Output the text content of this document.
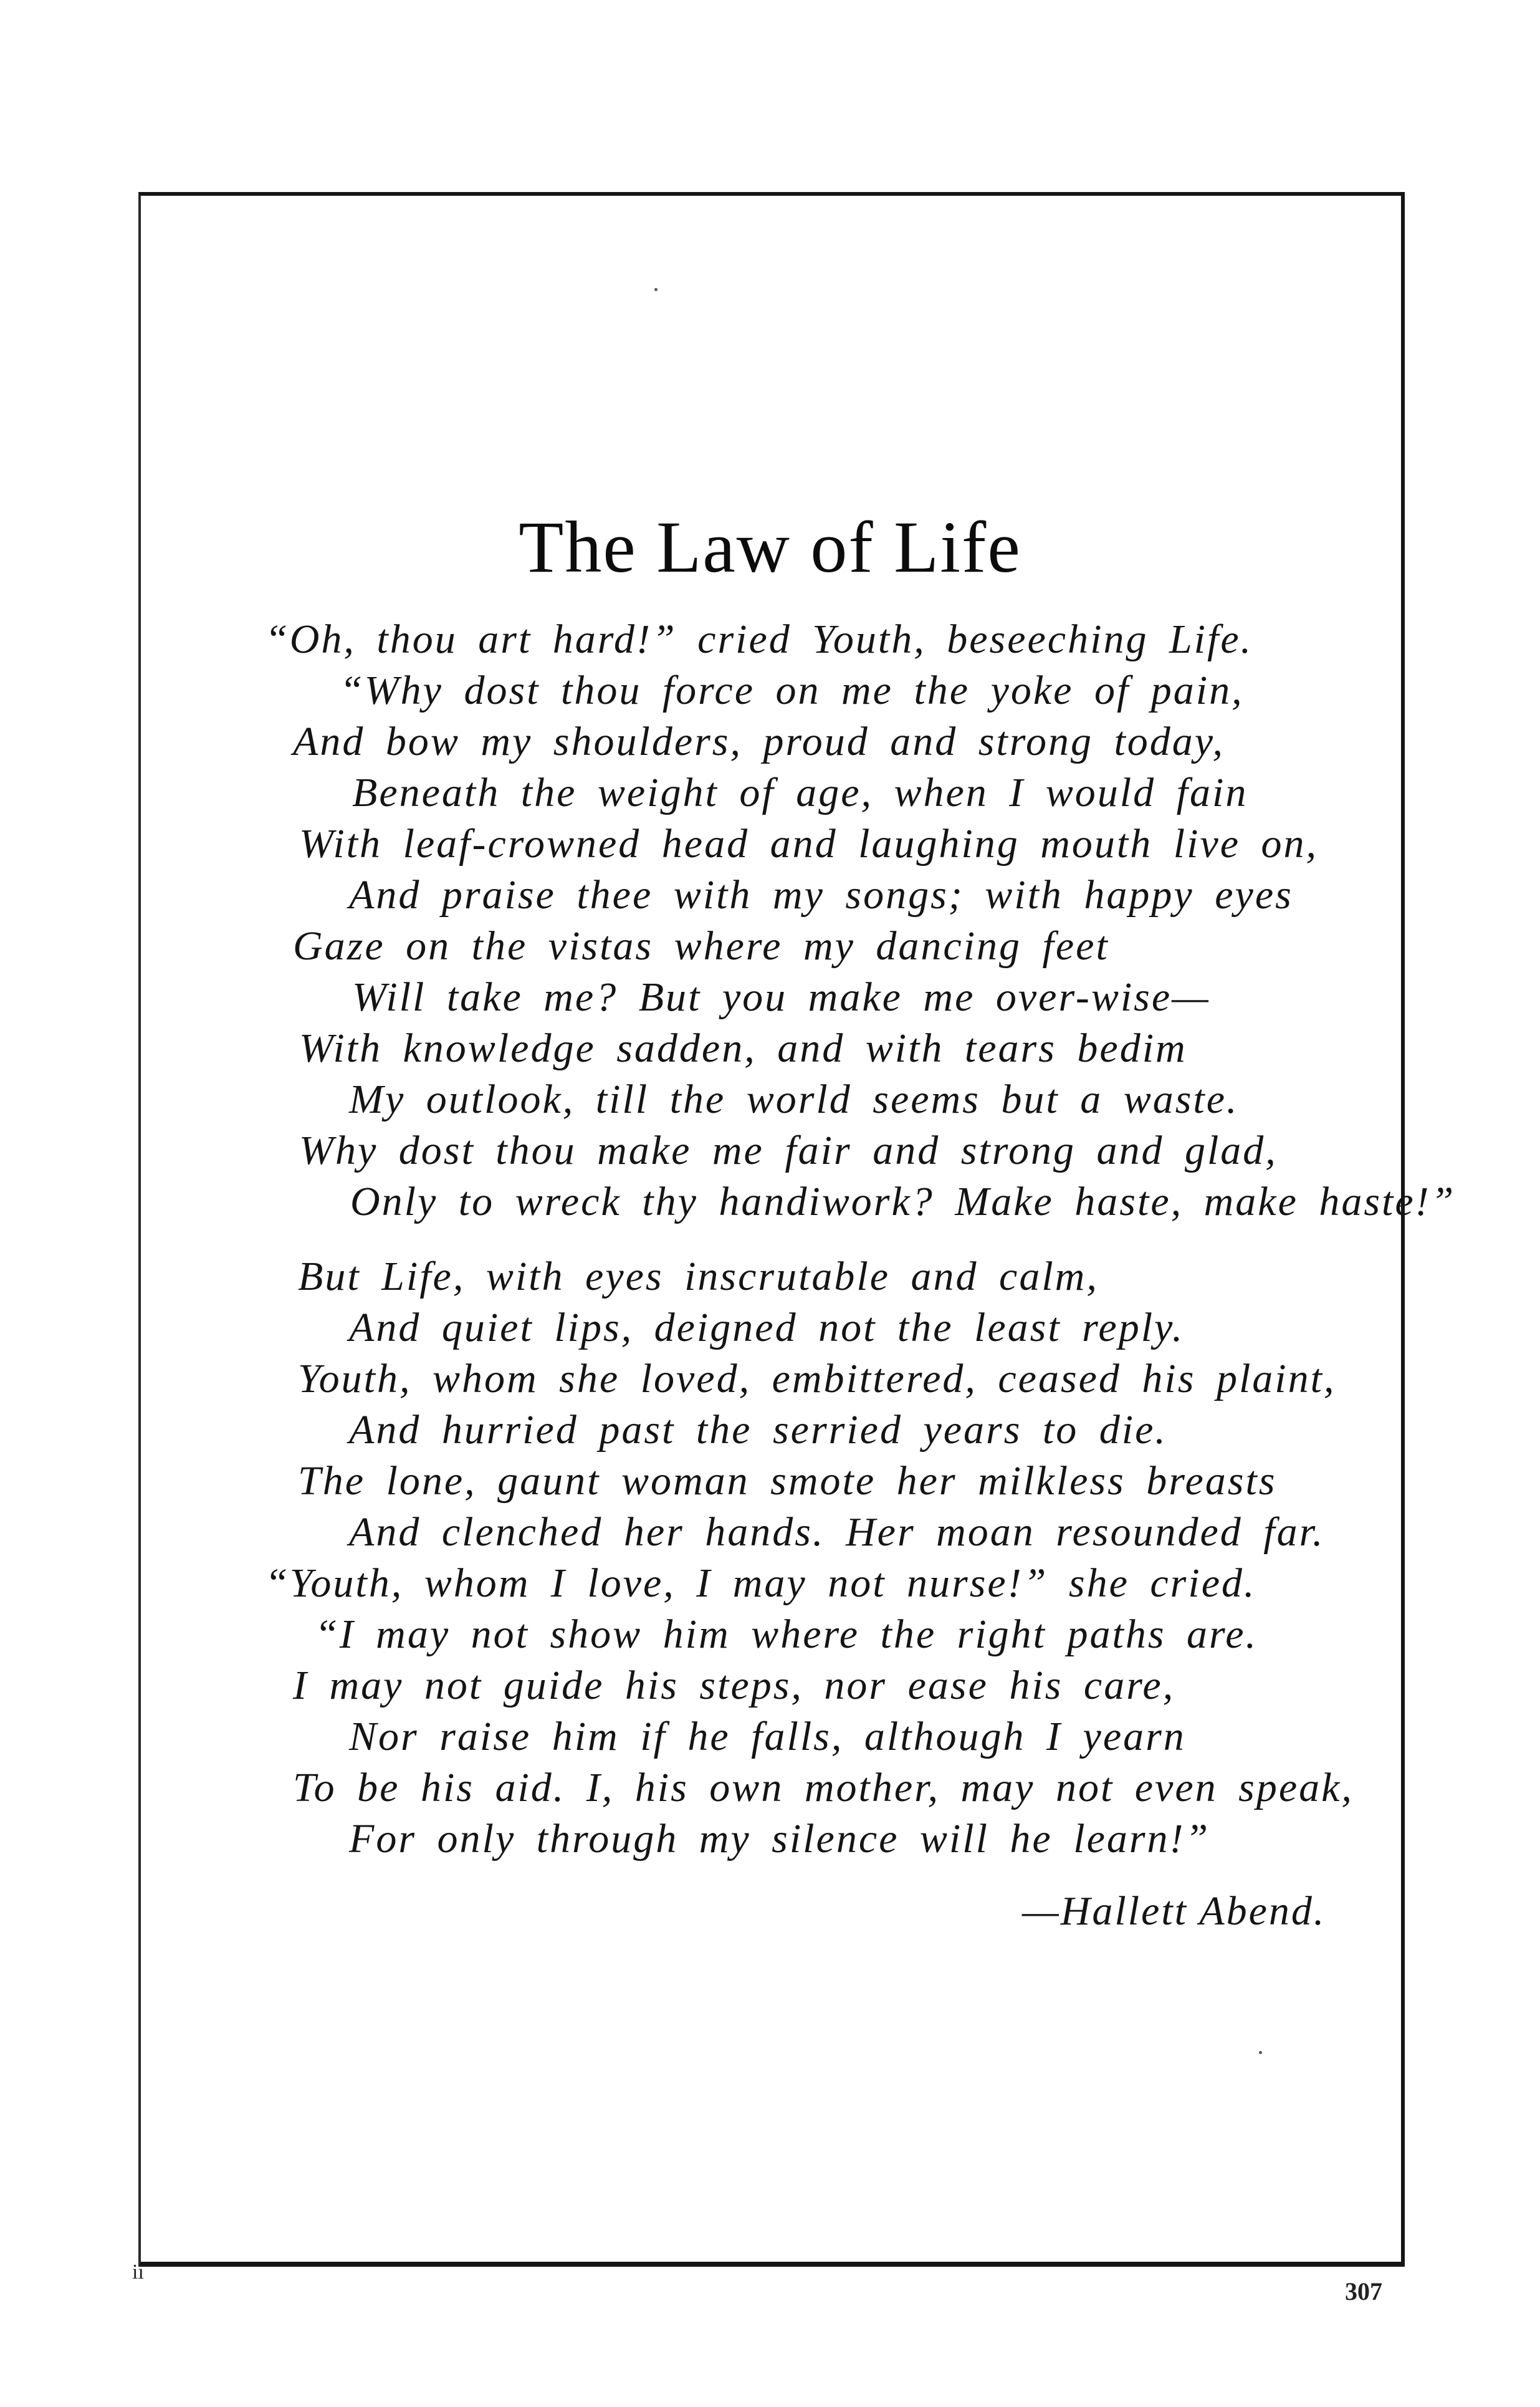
The Law of Life
“Oh, thou art hard!” cried Youth, beseeching Life.
“Why dost thou force on me the yoke of pain,
And bow my shoulders, proud and strong today,
Beneath the weight of age, when I would fain
With leaf-crowned head and laughing mouth live on,
And praise thee with my songs; with happy eyes
Gaze on the vistas where my dancing feet
Will take me? But you make me over-wise—
With knowledge sadden, and with tears bedim
My outlook, till the world seems but a waste.
Why dost thou make me fair and strong and glad,
Only to wreck thy handiwork? Make haste, make haste!”
But Life, with eyes inscrutable and calm,
And quiet lips, deigned not the least reply.
Youth, whom she loved, embittered, ceased his plaint,
And hurried past the serried years to die.
The lone, gaunt woman smote her milkless breasts
And clenched her hands. Her moan resounded far.
“Youth, whom I love, I may not nurse!” she cried.
“I may not show him where the right paths are.
I may not guide his steps, nor ease his care,
Nor raise him if he falls, although I yearn
To be his aid. I, his own mother, may not even speak,
For only through my silence will he learn!”
—Hallett Abend.
ii
307
